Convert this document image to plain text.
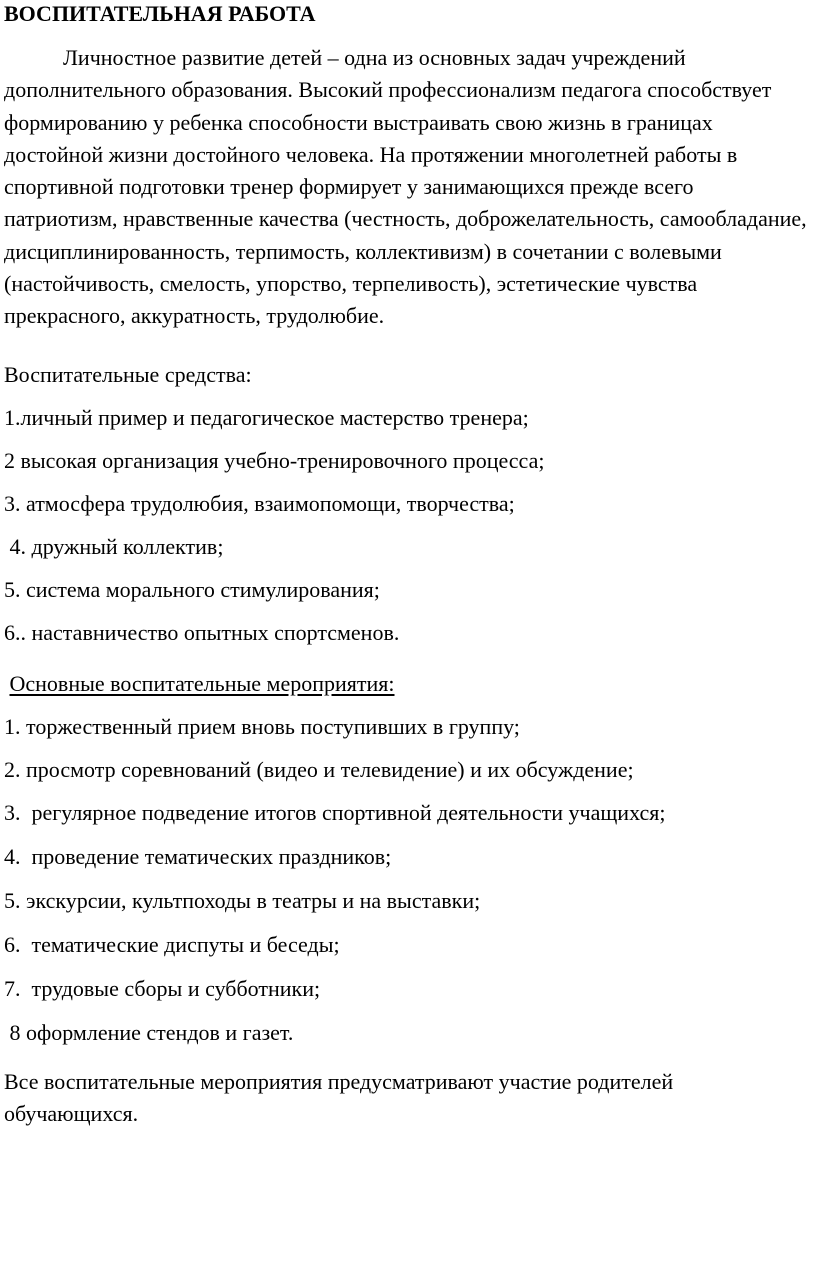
ВОСПИТАТЕЛЬНАЯ РАБОТА

Личностное развитие детей – одна из основных задач учреждений дополнительного образования. Высокий профессионализм педагога способствует формированию у ребенка способности выстраивать свою жизнь в границах достойной жизни достойного человека. На протяжении многолетней работы в спортивной подготовки тренер формирует у занимающихся прежде всего патриотизм, нравственные качества (честность, доброжелательность, самообладание, дисциплинированность, терпимость, коллективизм) в сочетании с волевыми (настойчивость, смелость, упорство, терпеливость), эстетические чувства прекрасного, аккуратность, трудолюбие.

Воспитательные средства:

1.личный пример и педагогическое мастерство тренера;

2 высокая организация учебно-тренировочного процесса;

3. атмосфера трудолюбия, взаимопомощи, творчества;

4. дружный коллектив;

5. система морального стимулирования;

6.. наставничество опытных спортсменов.

Основные воспитательные мероприятия:

1. торжественный прием вновь поступивших в группу;

2. просмотр соревнований (видео и телевидение) и их обсуждение;

3.  регулярное подведение итогов спортивной деятельности учащихся;

4.  проведение тематических праздников;

5. экскурсии, культпоходы в театры и на выставки;

6.  тематические диспуты и беседы;

7.  трудовые сборы и субботники;

8 оформление стендов и газет.

Все воспитательные мероприятия предусматривают участие родителей обучающихся.
